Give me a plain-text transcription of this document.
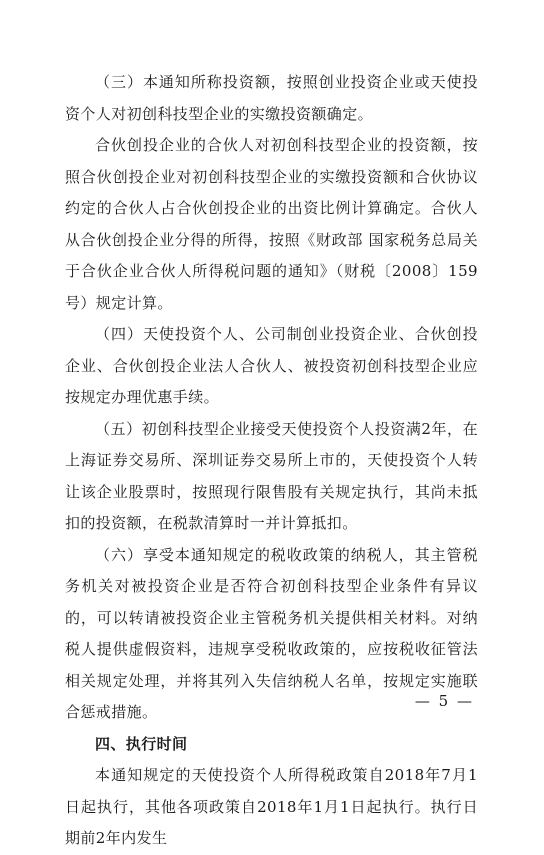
（三）本通知所称投资额，按照创业投资企业或天使投资个人对初创科技型企业的实缴投资额确定。

合伙创投企业的合伙人对初创科技型企业的投资额，按照合伙创投企业对初创科技型企业的实缴投资额和合伙协议约定的合伙人占合伙创投企业的出资比例计算确定。合伙人从合伙创投企业分得的所得，按照《财政部 国家税务总局关于合伙企业合伙人所得税问题的通知》（财税〔2008〕159号）规定计算。

（四）天使投资个人、公司制创业投资企业、合伙创投企业、合伙创投企业法人合伙人、被投资初创科技型企业应按规定办理优惠手续。

（五）初创科技型企业接受天使投资个人投资满2年，在上海证券交易所、深圳证券交易所上市的，天使投资个人转让该企业股票时，按照现行限售股有关规定执行，其尚未抵扣的投资额，在税款清算时一并计算抵扣。

（六）享受本通知规定的税收政策的纳税人，其主管税务机关对被投资企业是否符合初创科技型企业条件有异议的，可以转请被投资企业主管税务机关提供相关材料。对纳税人提供虚假资料，违规享受税收政策的，应按税收征管法相关规定处理，并将其列入失信纳税人名单，按规定实施联合惩戒措施。

四、执行时间

本通知规定的天使投资个人所得税政策自2018年7月1日起执行，其他各项政策自2018年1月1日起执行。执行日期前2年内发生

— 5 —
